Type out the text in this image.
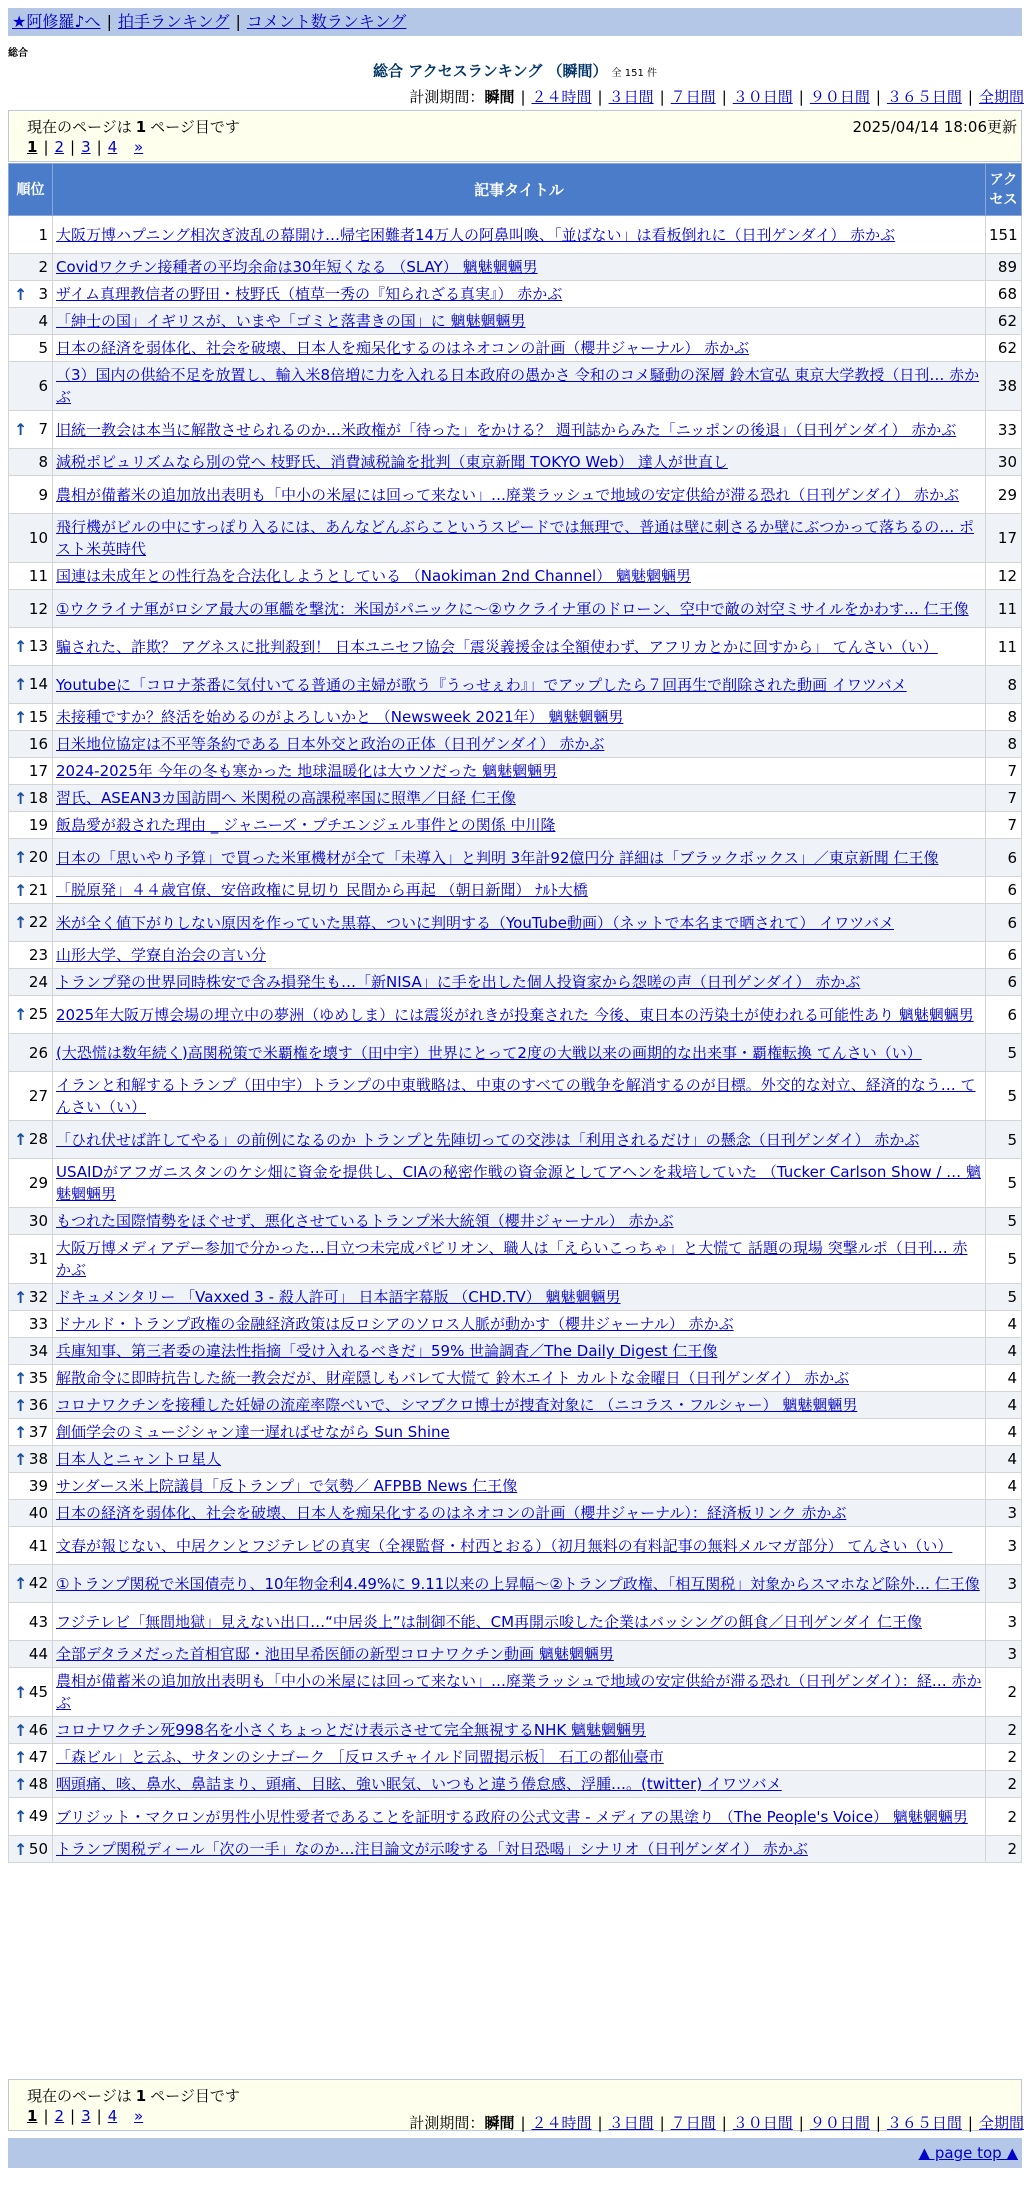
★阿修羅♪へ | 拍手ランキング | コメント数ランキング
総合
総合 アクセスランキング （瞬間） 全 151 件
計測期間：瞬間 | ２４時間 | ３日間 | ７日間 | ３０日間 | ９０日間 | ３６５日間 | 全期間
現在のページは 1 ページ目です	2025/04/14 18:06更新
1 | 2 | 3 | 4 »
順位	記事タイトル	アクセス
1	大阪万博ハプニング相次ぎ波乱の幕開け…帰宅困難者14万人の阿鼻叫喚、「並ばない」は看板倒れに（日刊ゲンダイ） 赤かぶ	151
2	Covidワクチン接種者の平均余命は30年短くなる （SLAY） 魑魅魍魎男	89

↑ 3	ザイム真理教信者の野田・枝野氏（植草一秀の『知られざる真実』） 赤かぶ	68
4	「紳士の国」イギリスが、いまや「ゴミと落書きの国」に 魑魅魍魎男	62
5	日本の経済を弱体化、社会を破壊、日本人を痴呆化するのはネオコンの計画（櫻井ジャーナル） 赤かぶ	62
6	（3）国内の供給不足を放置し、輸入米8倍増に力を入れる日本政府の愚かさ 令和のコメ騒動の深層 鈴木宣弘 東京大学教授（日刊… 赤かぶ	38

↑ 7	旧統一教会は本当に解散させられるのか…米政権が「待った」をかける？ 週刊誌からみた「ニッポンの後退」（日刊ゲンダイ） 赤かぶ	33
8	減税ポピュリズムなら別の党へ 枝野氏、消費減税論を批判（東京新聞 TOKYO Web） 達人が世直し	30
9	農相が備蓄米の追加放出表明も「中小の米屋には回って来ない」…廃業ラッシュで地域の安定供給が滞る恐れ（日刊ゲンダイ） 赤かぶ	29
10	飛行機がビルの中にすっぽり入るには、あんなどんぶらこというスピードでは無理で、普通は壁に刺さるか壁にぶつかって落ちるの… ポスト米英時代	17
11	国連は未成年との性行為を合法化しようとしている （Naokiman 2nd Channel） 魑魅魍魎男	12
12	①ウクライナ軍がロシア最大の軍艦を撃沈：米国がパニックに～②ウクライナ軍のドローン、空中で敵の対空ミサイルをかわす… 仁王像	11

↑ 13	騙された、詐欺？ アグネスに批判殺到！ 日本ユニセフ協会「震災義援金は全額使わず、アフリカとかに回すから」 てんさい（い）	11

↑ 14	Youtubeに「コロナ茶番に気付いてる普通の主婦が歌う『うっせぇわ』」でアップしたら７回再生で削除された動画 イワツバメ	8

↑ 15	未接種ですか？終活を始めるのがよろしいかと （Newsweek 2021年） 魑魅魍魎男	8
16	日米地位協定は不平等条約である 日本外交と政治の正体（日刊ゲンダイ） 赤かぶ	8
17	2024-2025年 今年の冬も寒かった 地球温暖化は大ウソだった 魑魅魍魎男	7

↑ 18	習氏、ASEAN3カ国訪問へ 米関税の高課税率国に照準／日経 仁王像	7
19	飯島愛が殺された理由 _ ジャニーズ・プチエンジェル事件との関係 中川隆	7

↑ 20	日本の「思いやり予算」で買った米軍機材が全て「未導入」と判明 3年計92億円分 詳細は「ブラックボックス」／東京新聞 仁王像	6

↑ 21	「脱原発」４４歳官僚、安倍政権に見切り 民間から再起 （朝日新聞） ﾅﾙﾄ大橋	6

↑ 22	米が全く値下がりしない原因を作っていた黒幕、ついに判明する（YouTube動画）（ネットで本名まで晒されて） イワツバメ	6
23	山形大学、学寮自治会の言い分	6
24	トランプ発の世界同時株安で含み損発生も…「新NISA」に手を出した個人投資家から怨嗟の声（日刊ゲンダイ） 赤かぶ	6

↑ 25	2025年大阪万博会場の埋立中の夢洲（ゆめしま）には震災がれきが投棄された 今後、東日本の汚染土が使われる可能性あり 魑魅魍魎男	6
26	(大恐慌は数年続く)高関税策で米覇権を壊す（田中宇）世界にとって2度の大戦以来の画期的な出来事・覇権転換 てんさい（い）	5
27	イランと和解するトランプ（田中宇）トランプの中東戦略は、中東のすべての戦争を解消するのが目標。外交的な対立、経済的なう… てんさい（い）	5

↑ 28	「ひれ伏せば許してやる」の前例になるのか トランプと先陣切っての交渉は「利用されるだけ」の懸念（日刊ゲンダイ） 赤かぶ	5
29	USAIDがアフガニスタンのケシ畑に資金を提供し、CIAの秘密作戦の資金源としてアヘンを栽培していた （Tucker Carlson Show / … 魑魅魍魎男	5
30	もつれた国際情勢をほぐせず、悪化させているトランプ米大統領（櫻井ジャーナル） 赤かぶ	5
31	大阪万博メディアデー参加で分かった…目立つ未完成パビリオン、職人は「えらいこっちゃ」と大慌て 話題の現場 突撃ルポ（日刊… 赤かぶ	5

↑ 32	ドキュメンタリー 「Vaxxed 3 - 殺人許可」 日本語字幕版 （CHD.TV） 魑魅魍魎男	5
33	ドナルド・トランプ政権の金融経済政策は反ロシアのソロス人脈が動かす（櫻井ジャーナル） 赤かぶ	4
34	兵庫知事、第三者委の違法性指摘「受け入れるべきだ」59% 世論調査／The Daily Digest 仁王像	4

↑ 35	解散命令に即時抗告した統一教会だが、財産隠しもバレて大慌て 鈴木エイト カルトな金曜日（日刊ゲンダイ） 赤かぶ	4

↑ 36	コロナワクチンを接種した妊婦の流産率際べいで、シマブクロ博士が捜査対象に （ニコラス・フルシャー） 魑魅魍魎男	4

↑ 37	創価学会のミュージシャン達一遅ればせながら Sun Shine	4

↑ 38	日本人とニャントロ星人	4
39	サンダース米上院議員「反トランプ」で気勢／ AFPBB News 仁王像	4
40	日本の経済を弱体化、社会を破壊、日本人を痴呆化するのはネオコンの計画（櫻井ジャーナル）：経済板リンク 赤かぶ	3
41	文春が報じない、中居クンとフジテレビの真実（全裸監督・村西とおる）（初月無料の有料記事の無料メルマガ部分） てんさい（い）	3

↑ 42	①トランプ関税で米国債売り、10年物金利4.49%に 9.11以来の上昇幅～②トランプ政権、「相互関税」対象からスマホなど除外… 仁王像	3
43	フジテレビ「無間地獄」見えない出口…“中居炎上”は制御不能、CM再開示唆した企業はバッシングの餌食／日刊ゲンダイ 仁王像	3
44	全部デタラメだった首相官邸・池田早希医師の新型コロナワクチン動画 魑魅魍魎男	3

↑ 45	農相が備蓄米の追加放出表明も「中小の米屋には回って来ない」…廃業ラッシュで地域の安定供給が滞る恐れ（日刊ゲンダイ）：経… 赤かぶ	2

↑ 46	コロナワクチン死998名を小さくちょっとだけ表示させて完全無視するNHK 魑魅魍魎男	2

↑ 47	「森ビル」と云ふ、サタンのシナゴーク ［反ロスチャイルド同盟掲示板］ 石工の都仙臺市	2

↑ 48	咽頭痛、咳、鼻水、鼻詰まり、頭痛、目眩、強い眠気、いつもと違う倦怠感、浮腫…。(twitter) イワツバメ	2

↑ 49	ブリジット・マクロンが男性小児性愛者であることを証明する政府の公式文書 - メディアの黒塗り （The People's Voice） 魑魅魍魎男	2

↑ 50	トランプ関税ディール「次の一手」なのか…注目論文が示唆する「対日恐喝」シナリオ（日刊ゲンダイ） 赤かぶ	2
現在のページは 1 ページ目です
1 | 2 | 3 | 4 »	計測期間：瞬間 | ２４時間 | ３日間 | ７日間 | ３０日間 | ９０日間 | ３６５日間 | 全期間
▲ page top ▲
